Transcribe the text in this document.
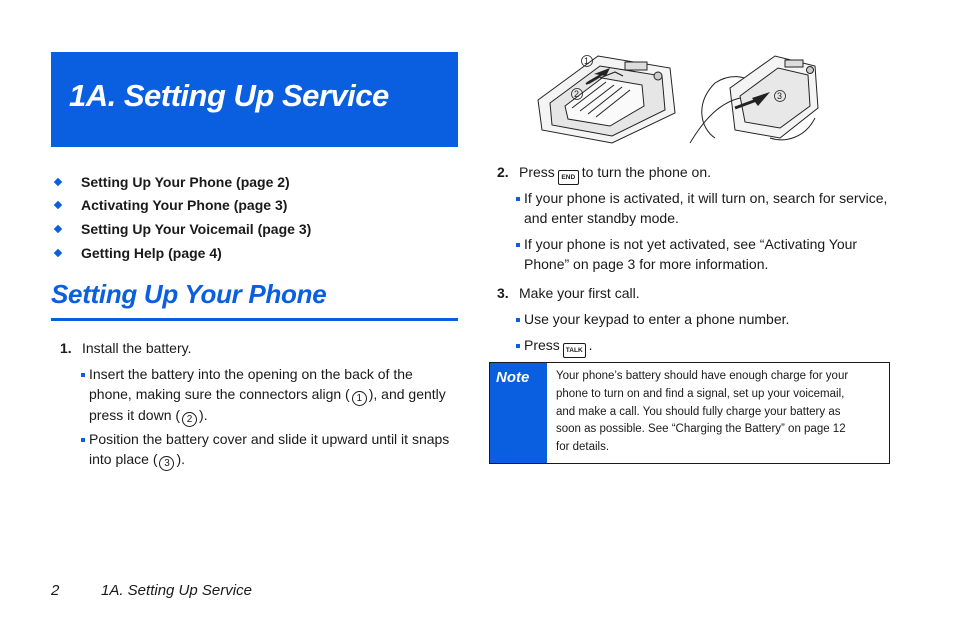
1A. Setting Up Service
Setting Up Your Phone (page 2)
Activating Your Phone (page 3)
Setting Up Your Voicemail (page 3)
Getting Help (page 4)
Setting Up Your Phone
1. Install the battery.
Insert the battery into the opening on the back of the
phone, making sure the connectors align ( 1 ), and gently
press it down ( 2 ).
Position the battery cover and slide it upward until it snaps
into place ( 3 ).
1
2	3
2. Press END to turn the phone on.
If your phone is activated, it will turn on, search for service,
and enter standby mode.
If your phone is not yet activated, see “Activating Your
Phone” on page 3 for more information.
3. Make your first call.
Use your keypad to enter a phone number.
Press TALK .
Note	Your phone’s battery should have enough charge for your
phone to turn on and find a signal, set up your voicemail,
and make a call. You should fully charge your battery as
soon as possible. See “Charging the Battery” on page 12
for details.
2	1A. Setting Up Service
